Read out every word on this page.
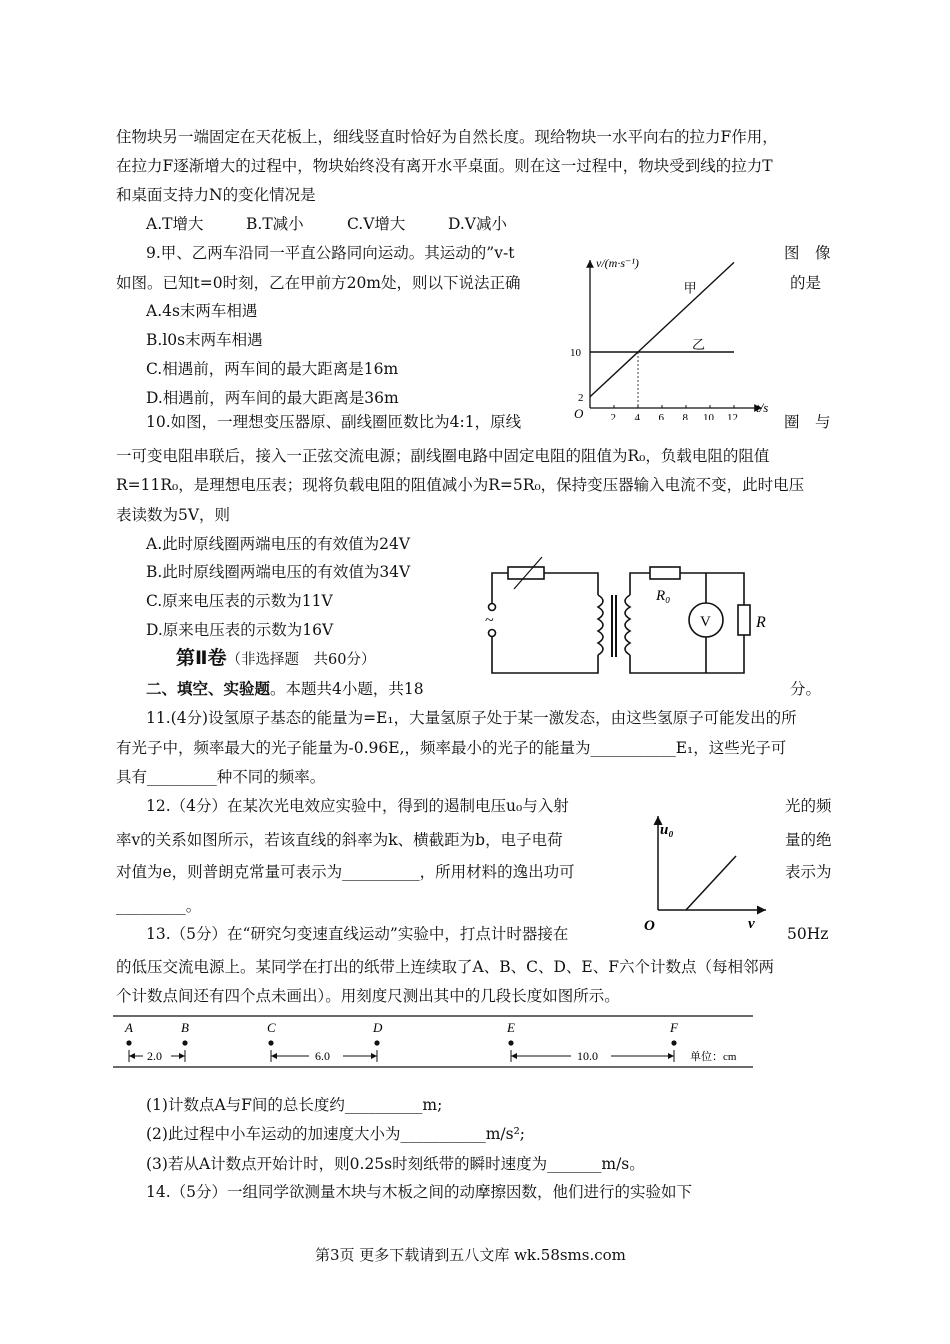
住物块另一端固定在天花板上，细线竖直时恰好为自然长度。现给物块一水平向右的拉力F作用，
在拉力F逐渐增大的过程中，物块始终没有离开水平桌面。则在这一过程中，物块受到线的拉力T
和桌面支持力N的变化情况是
A.T增大	B.T减小	C.V增大	D.V减小
9.甲、乙两车沿同一平直公路同向运动。其运动的”v-t	图　像
如图。已知t=0时刻，乙在甲前方20m处，则以下说法正确	的是
A.4s末两车相遇
B.l0s末两车相遇
C.相遇前，两车间的最大距离是16m
D.相遇前，两车间的最大距离是36m
10.如图，一理想变压器原、副线圈匝数比为4:1，原线	圈　与
一可变电阻串联后，接入一正弦交流电源；副线圈电路中固定电阻的阻值为R₀，负载电阻的阻值
R=11R₀，是理想电压表；现将负载电阻的阻值减小为R=5R₀，保持变压器输入电流不变，此时电压
表读数为5V，则
A.此时原线圈两端电压的有效值为24V
B.此时原线圈两端电压的有效值为34V
C.原来电压表的示数为11V
D.原来电压表的示数为16V
第Ⅱ卷（非选择题　共60分）
二、填空、实验题。本题共4小题，共18	分。
11.(4分)设氢原子基态的能量为=E₁，大量氢原子处于某一激发态，由这些氢原子可能发出的所
有光子中，频率最大的光子能量为-0.96E,，频率最小的光子的能量为___________E₁，这些光子可
具有_________种不同的频率。
12.（4分）在某次光电效应实验中，得到的遏制电压u₀与入射	光的频
率v的关系如图所示，若该直线的斜率为k、横截距为b，电子电荷	量的绝
对值为e，则普朗克常量可表示为__________，所用材料的逸出功可	表示为
_________。
13.（5分）在“研究匀变速直线运动”实验中，打点计时器接在	50Hz
的低压交流电源上。某同学在打出的纸带上连续取了A、B、C、D、E、F六个计数点（每相邻两
个计数点间还有四个点未画出）。用刻度尺测出其中的几段长度如图所示。
(1)计数点A与F间的总长度约__________m;
(2)此过程中小车运动的加速度大小为___________m/s²;
(3)若从A计数点开始计时，则0.25s时刻纸带的瞬时速度为_______m/s。
14.（5分）一组同学欲测量木块与木板之间的动摩擦因数，他们进行的实验如下
第3页 更多下载请到五八文库 wk.58sms.com
v/(m·s⁻¹)
t/s
O 2 4 6 8 10 12
2
10
甲
乙
~
R₀
V	R
u₀
v
O
A	B	C	D	E	F
2.0	6.0	10.0	单位：cm
